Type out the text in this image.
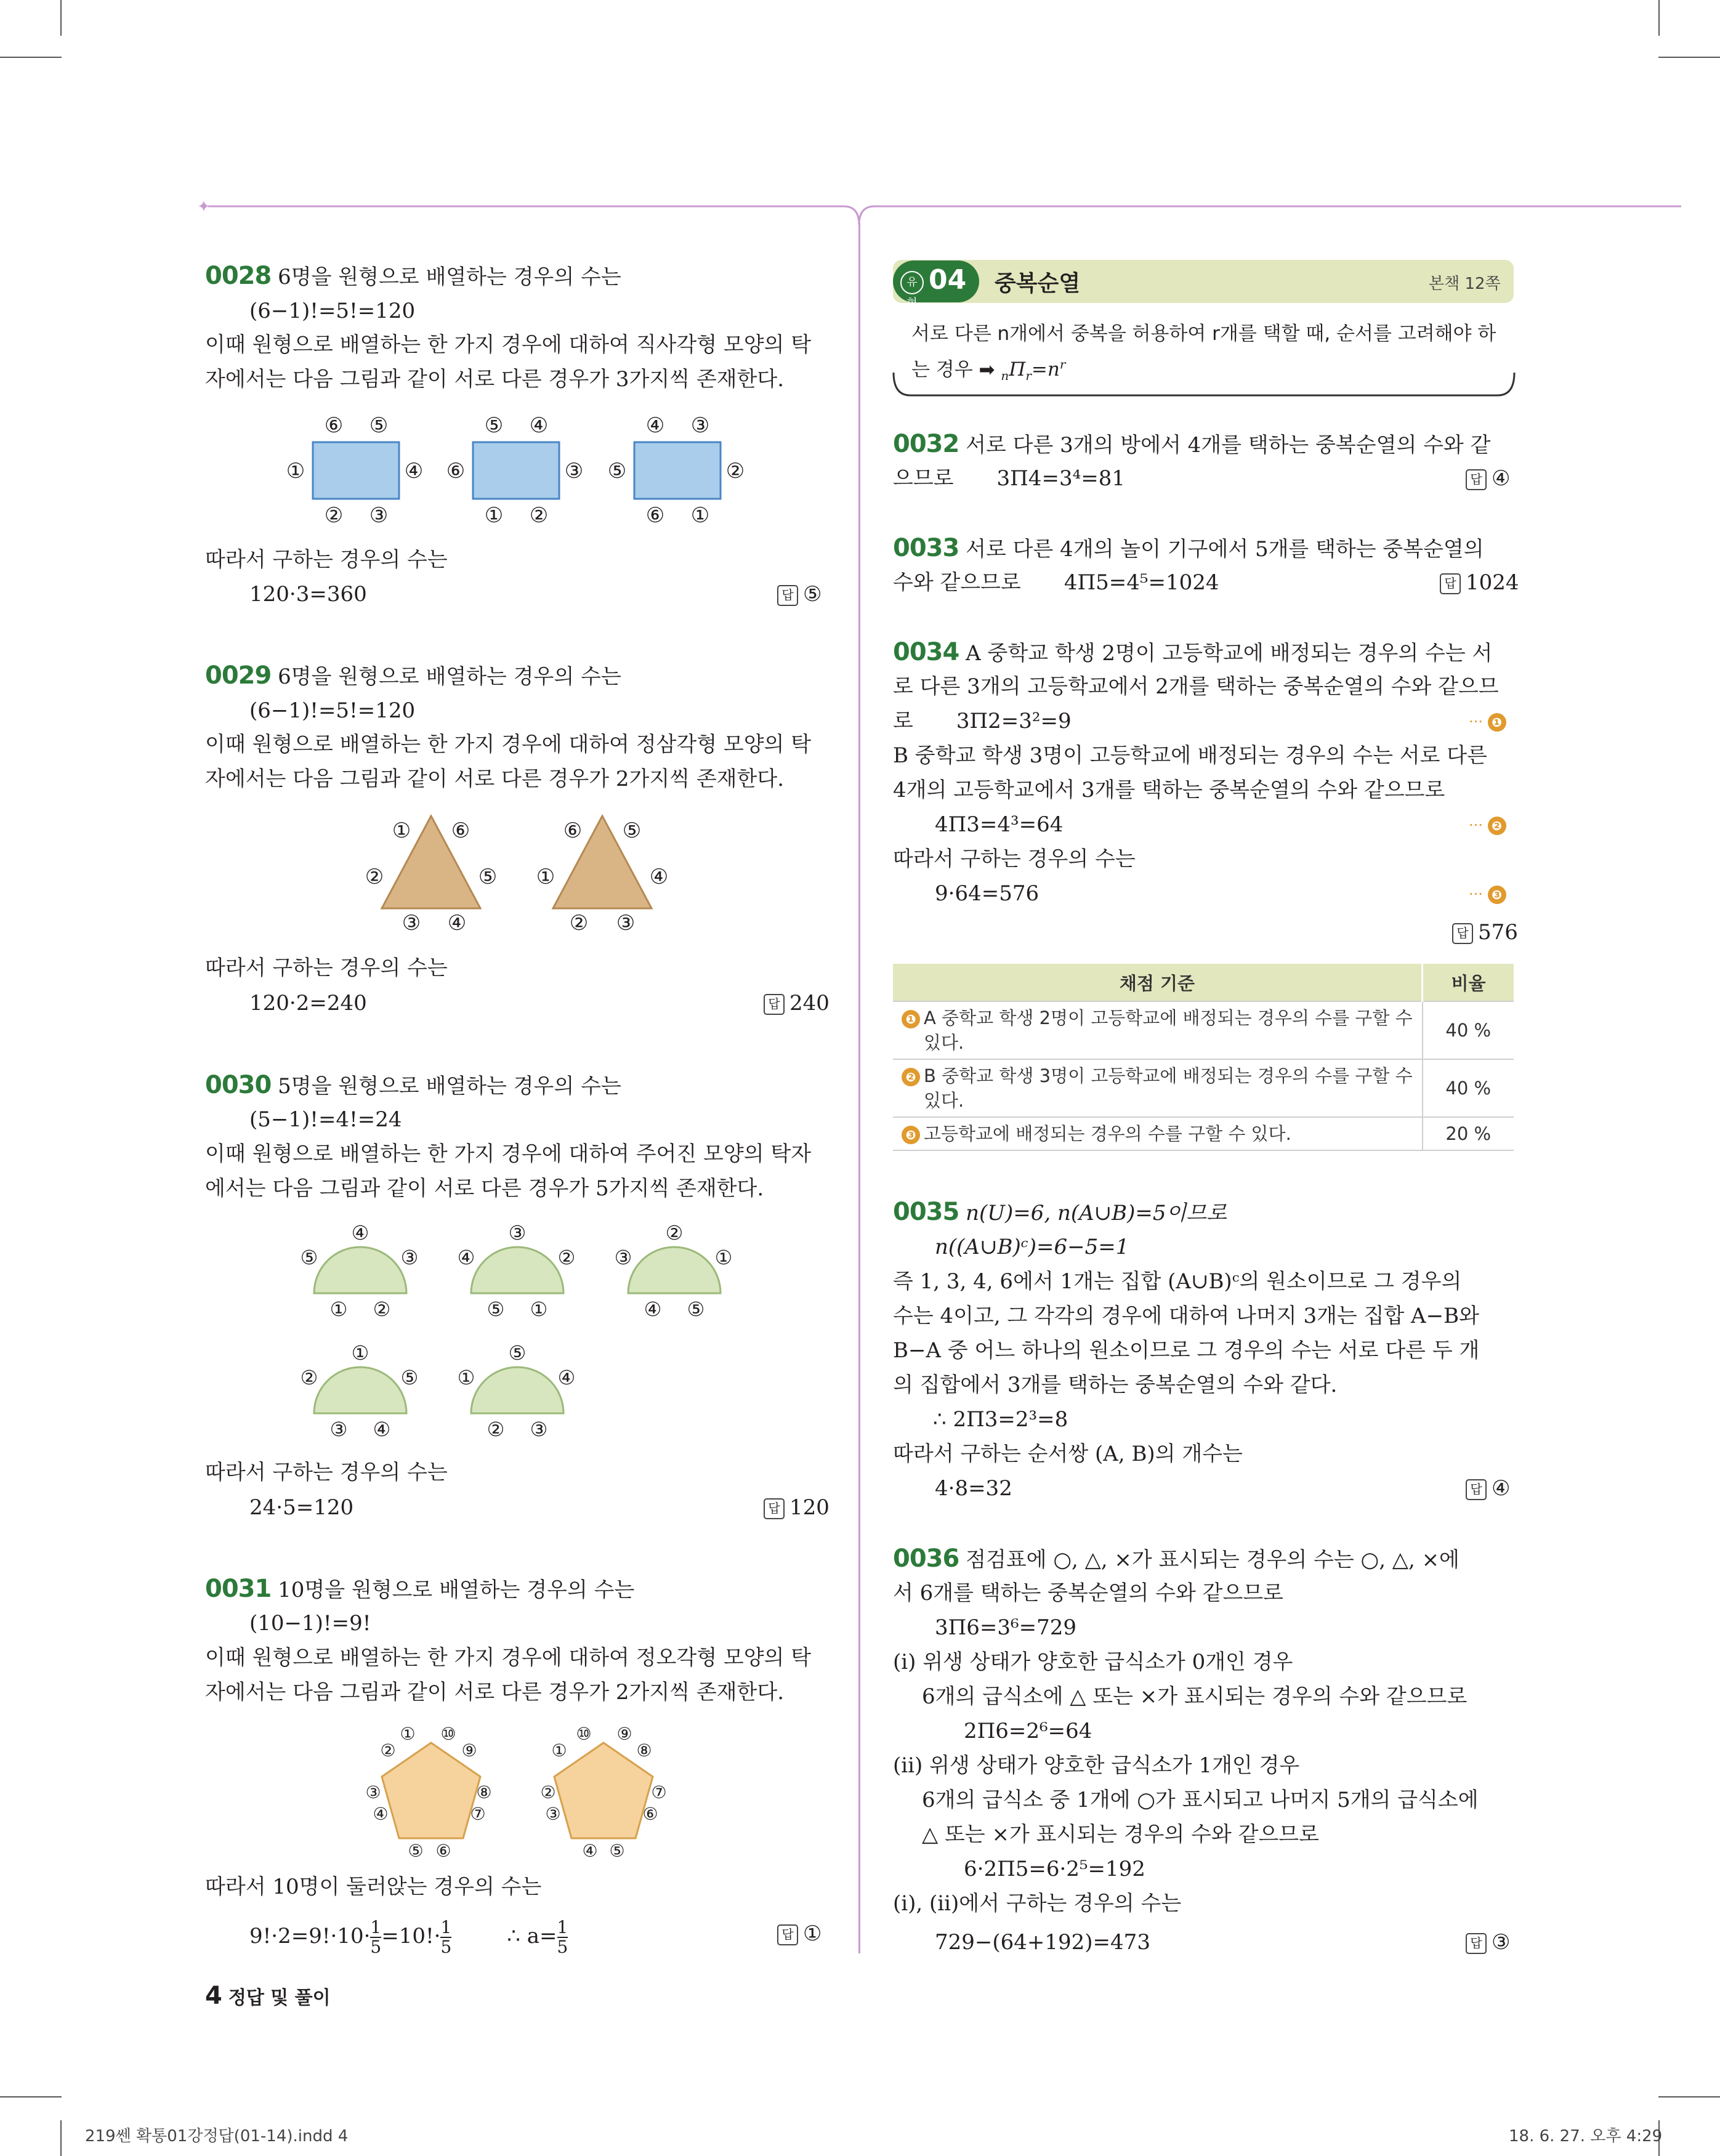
✦
0028 6명을 원형으로 배열하는 경우의 수는
(6−1)!=5!=120
이때 원형으로 배열하는 한 가지 경우에 대하여 직사각형 모양의 탁
자에서는 다음 그림과 같이 서로 다른 경우가 3가지씩 존재한다.
⑥ ⑤
①	④
② ③
⑤ ④
⑥	③
① ②
④ ③
⑤	②
⑥ ①
따라서 구하는 경우의 수는
120·3=360	답 ⑤
0029 6명을 원형으로 배열하는 경우의 수는
(6−1)!=5!=120
이때 원형으로 배열하는 한 가지 경우에 대하여 정삼각형 모양의 탁
자에서는 다음 그림과 같이 서로 다른 경우가 2가지씩 존재한다.
① ⑥
②	⑤
③ ④
⑥ ⑤
①	④
② ③
따라서 구하는 경우의 수는
120·2=240	답 240
0030 5명을 원형으로 배열하는 경우의 수는
(5−1)!=4!=24
이때 원형으로 배열하는 한 가지 경우에 대하여 주어진 모양의 탁자
에서는 다음 그림과 같이 서로 다른 경우가 5가지씩 존재한다.
④
⑤	③
① ②
③
④	②
⑤ ①
②
③	①
④ ⑤
①
②	⑤
③ ④
⑤
①	④
② ③
따라서 구하는 경우의 수는
24·5=120	답 120
0031 10명을 원형으로 배열하는 경우의 수는
(10−1)!=9!
이때 원형으로 배열하는 한 가지 경우에 대하여 정오각형 모양의 탁
자에서는 다음 그림과 같이 서로 다른 경우가 2가지씩 존재한다.
① ⑩
②	⑨
③	⑧
④	⑦
⑤ ⑥
⑩ ⑨
①	⑧
②	⑦
③	⑥
④ ⑤
따라서 10명이 둘러앉는 경우의 수는
$9!\cdot 2=9!\cdot 10\cdot \frac{1}{5} =10!\cdot \frac{1}{5}$	∴ $a= \frac{1}{5}$	답 ①
유형
04 중복순열	본책 12쪽
서로 다른 n개에서 중복을 허용하여 r개를 택할 때, 순서를 고려해야 하
는 경우 ➡ $_n\Pi_r=n^r$
0032 서로 다른 3개의 방에서 4개를 택하는 중복순열의 수와 같
으므로 3Π4=3⁴=81	답 ④
0033 서로 다른 4개의 놀이 기구에서 5개를 택하는 중복순열의
수와 같으므로 4Π5=4⁵=1024	답 1024
0034 A 중학교 학생 2명이 고등학교에 배정되는 경우의 수는 서
로 다른 3개의 고등학교에서 2개를 택하는 중복순열의 수와 같으므
로 3Π2=3²=9	··· ❶
B 중학교 학생 3명이 고등학교에 배정되는 경우의 수는 서로 다른
4개의 고등학교에서 3개를 택하는 중복순열의 수와 같으므로
4Π3=4³=64	··· ❷
따라서 구하는 경우의 수는
9·64=576	··· ❸
답 576
채점 기준	비율
❶ A 중학교 학생 2명이 고등학교에 배정되는 경우의 수를 구할 수
있다.	40 %
❷ B 중학교 학생 3명이 고등학교에 배정되는 경우의 수를 구할 수
있다.	40 %
❸ 고등학교에 배정되는 경우의 수를 구할 수 있다.	20 %
0035 n(U)=6, n(A∪B)=5이므로
n((A∪B)ᶜ)=6−5=1
즉 1, 3, 4, 6에서 1개는 집합 (A∪B)ᶜ의 원소이므로 그 경우의
수는 4이고, 그 각각의 경우에 대하여 나머지 3개는 집합 A−B와
B−A 중 어느 하나의 원소이므로 그 경우의 수는 서로 다른 두 개
의 집합에서 3개를 택하는 중복순열의 수와 같다.
∴ 2Π3=2³=8
따라서 구하는 순서쌍 (A, B)의 개수는
4·8=32	답 ④
0036 점검표에 ○, △, ×가 표시되는 경우의 수는 ○, △, ×에
서 6개를 택하는 중복순열의 수와 같으므로
3Π6=3⁶=729
(i) 위생 상태가 양호한 급식소가 0개인 경우
6개의 급식소에 △ 또는 ×가 표시되는 경우의 수와 같으므로
2Π6=2⁶=64
(ii) 위생 상태가 양호한 급식소가 1개인 경우
6개의 급식소 중 1개에 ○가 표시되고 나머지 5개의 급식소에
△ 또는 ×가 표시되는 경우의 수와 같으므로
6·2Π5=6·2⁵=192
(i), (ii)에서 구하는 경우의 수는
729−(64+192)=473	답 ③
4 정답 및 풀이
219쎈 확통01강정답(01-14).indd 4	18. 6. 27. 오후 4:29
